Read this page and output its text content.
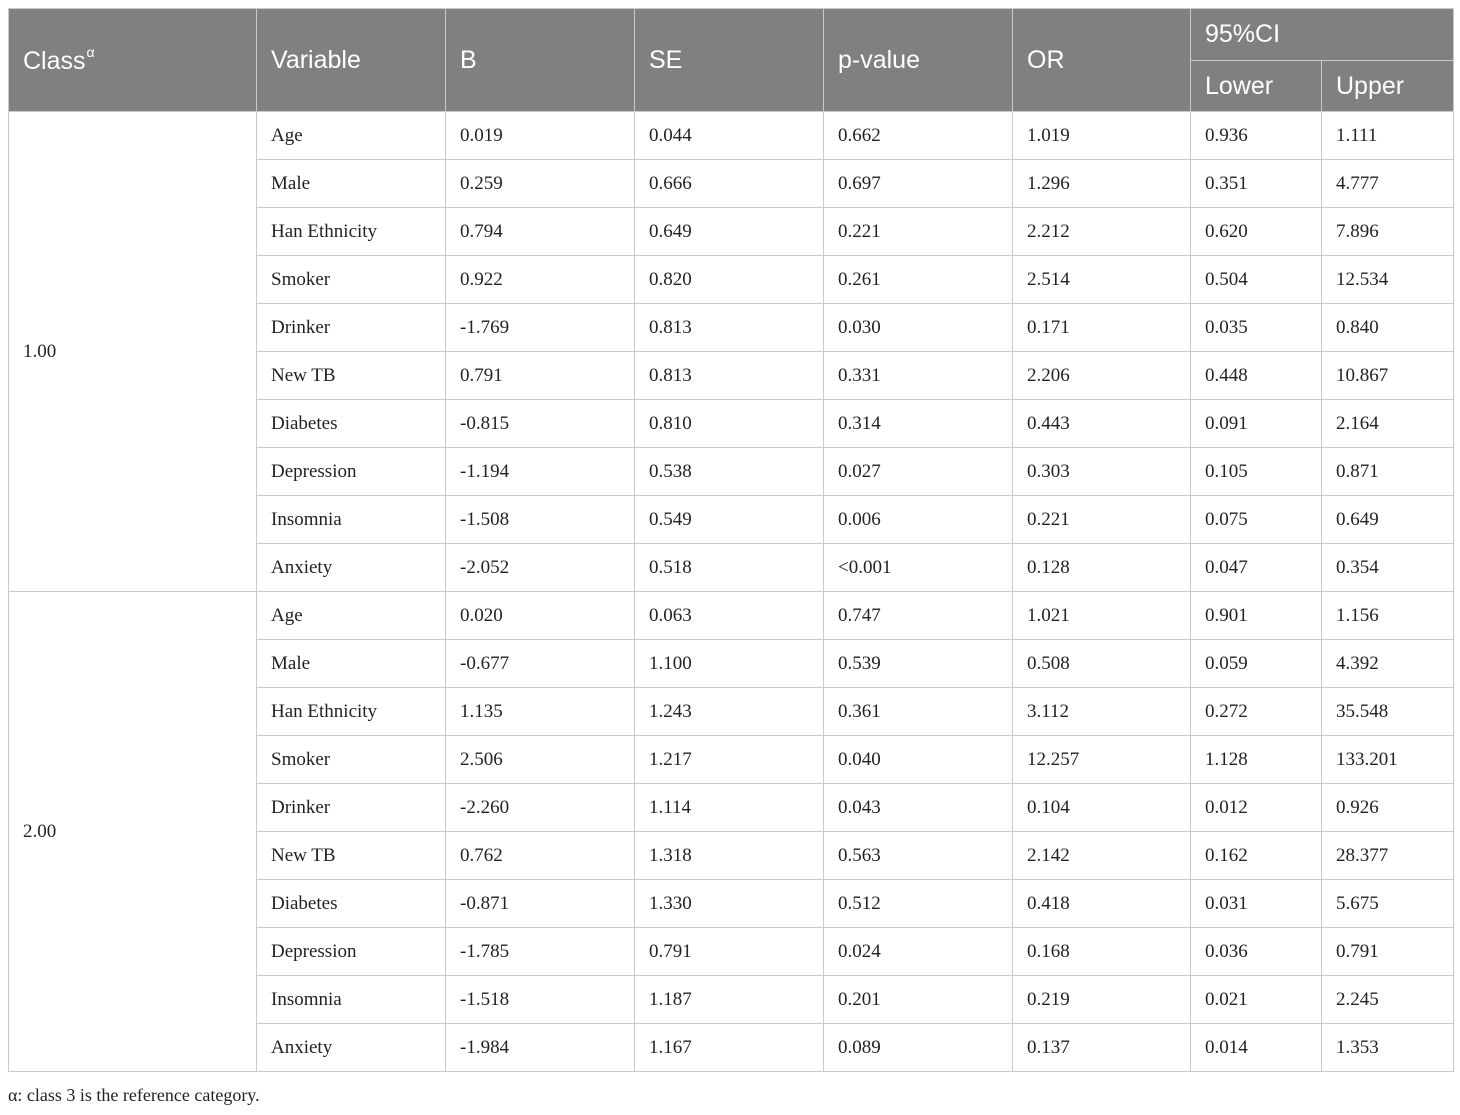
Class$^\alpha$	Variable	B	SE	p-value	OR	95%CI	
						Lower	Upper
1.00	Age	0.019	0.044	0.662	1.019	0.936	1.111
	Male	0.259	0.666	0.697	1.296	0.351	4.777
	Han Ethnicity	0.794	0.649	0.221	2.212	0.620	7.896
	Smoker	0.922	0.820	0.261	2.514	0.504	12.534
	Drinker	-1.769	0.813	0.030	0.171	0.035	0.840
	New TB	0.791	0.813	0.331	2.206	0.448	10.867
	Diabetes	-0.815	0.810	0.314	0.443	0.091	2.164
	Depression	-1.194	0.538	0.027	0.303	0.105	0.871
	Insomnia	-1.508	0.549	0.006	0.221	0.075	0.649
	Anxiety	-2.052	0.518	<0.001	0.128	0.047	0.354
2.00	Age	0.020	0.063	0.747	1.021	0.901	1.156
	Male	-0.677	1.100	0.539	0.508	0.059	4.392
	Han Ethnicity	1.135	1.243	0.361	3.112	0.272	35.548
	Smoker	2.506	1.217	0.040	12.257	1.128	133.201
	Drinker	-2.260	1.114	0.043	0.104	0.012	0.926
	New TB	0.762	1.318	0.563	2.142	0.162	28.377
	Diabetes	-0.871	1.330	0.512	0.418	0.031	5.675
	Depression	-1.785	0.791	0.024	0.168	0.036	0.791
	Insomnia	-1.518	1.187	0.201	0.219	0.021	2.245
	Anxiety	-1.984	1.167	0.089	0.137	0.014	1.353
α: class 3 is the reference category.
